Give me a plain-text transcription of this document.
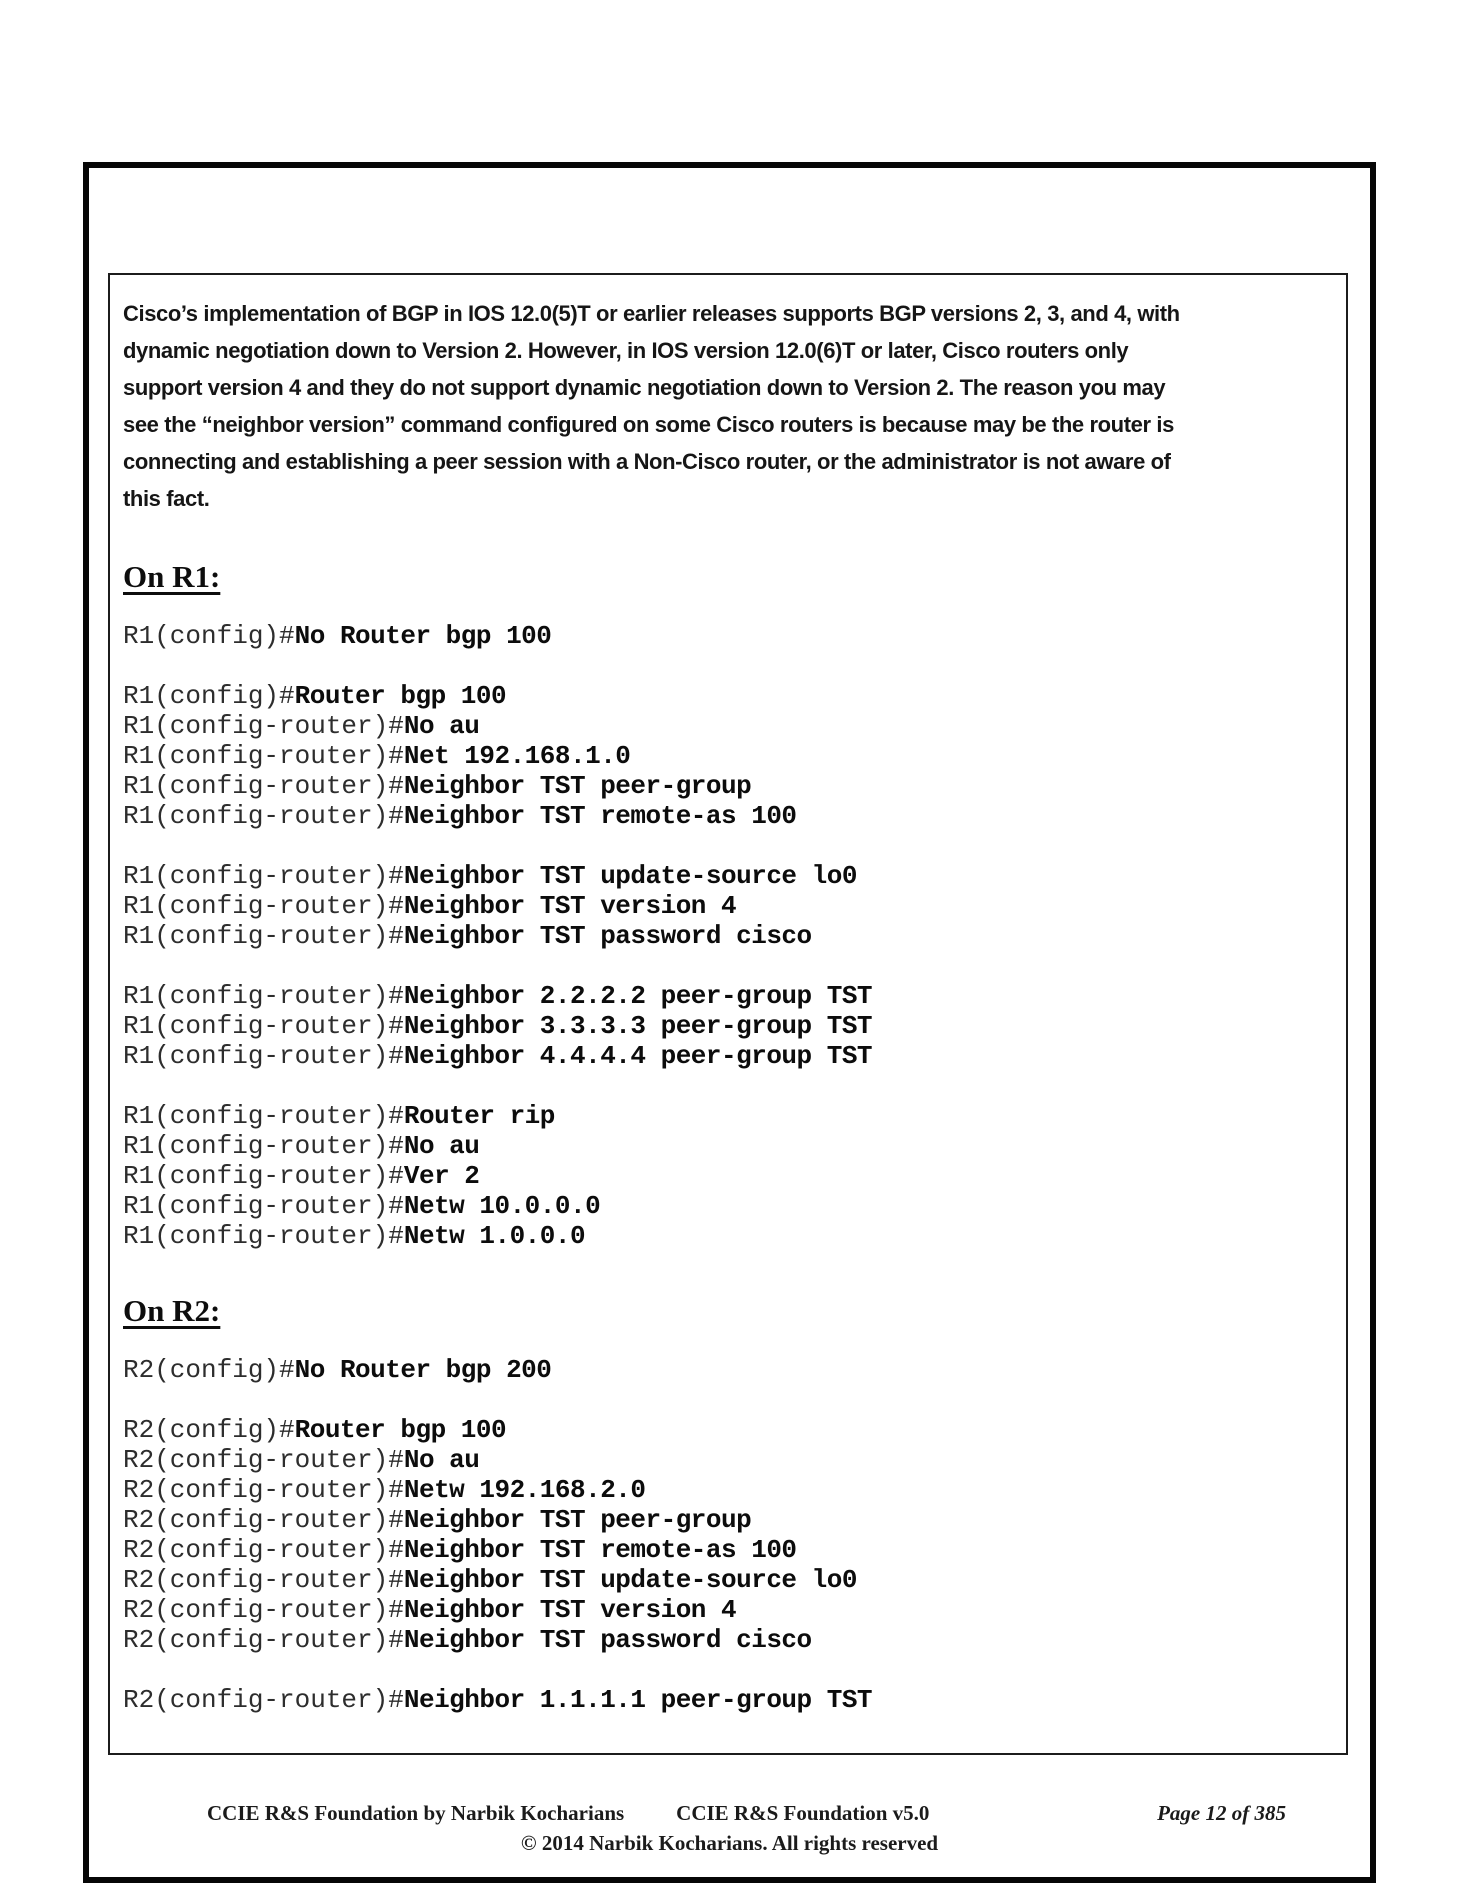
Cisco’s implementation of BGP in IOS 12.0(5)T or earlier releases supports BGP versions 2, 3, and 4, with
dynamic negotiation down to Version 2. However, in IOS version 12.0(6)T or later, Cisco routers only
support version 4 and they do not support dynamic negotiation down to Version 2. The reason you may
see the “neighbor version” command configured on some Cisco routers is because may be the router is
connecting and establishing a peer session with a Non-Cisco router, or the administrator is not aware of
this fact.
On R1:
R1(config)#No Router bgp 100
R1(config)#Router bgp 100
R1(config-router)#No au
R1(config-router)#Net 192.168.1.0
R1(config-router)#Neighbor TST peer-group
R1(config-router)#Neighbor TST remote-as 100
R1(config-router)#Neighbor TST update-source lo0
R1(config-router)#Neighbor TST version 4
R1(config-router)#Neighbor TST password cisco
R1(config-router)#Neighbor 2.2.2.2 peer-group TST
R1(config-router)#Neighbor 3.3.3.3 peer-group TST
R1(config-router)#Neighbor 4.4.4.4 peer-group TST
R1(config-router)#Router rip
R1(config-router)#No au
R1(config-router)#Ver 2
R1(config-router)#Netw 10.0.0.0
R1(config-router)#Netw 1.0.0.0
On R2:
R2(config)#No Router bgp 200
R2(config)#Router bgp 100
R2(config-router)#No au
R2(config-router)#Netw 192.168.2.0
R2(config-router)#Neighbor TST peer-group
R2(config-router)#Neighbor TST remote-as 100
R2(config-router)#Neighbor TST update-source lo0
R2(config-router)#Neighbor TST version 4
R2(config-router)#Neighbor TST password cisco
R2(config-router)#Neighbor 1.1.1.1 peer-group TST
CCIE R&S Foundation by Narbik Kocharians CCIE R&S Foundation v5.0	Page 12 of 385
© 2014 Narbik Kocharians. All rights reserved
